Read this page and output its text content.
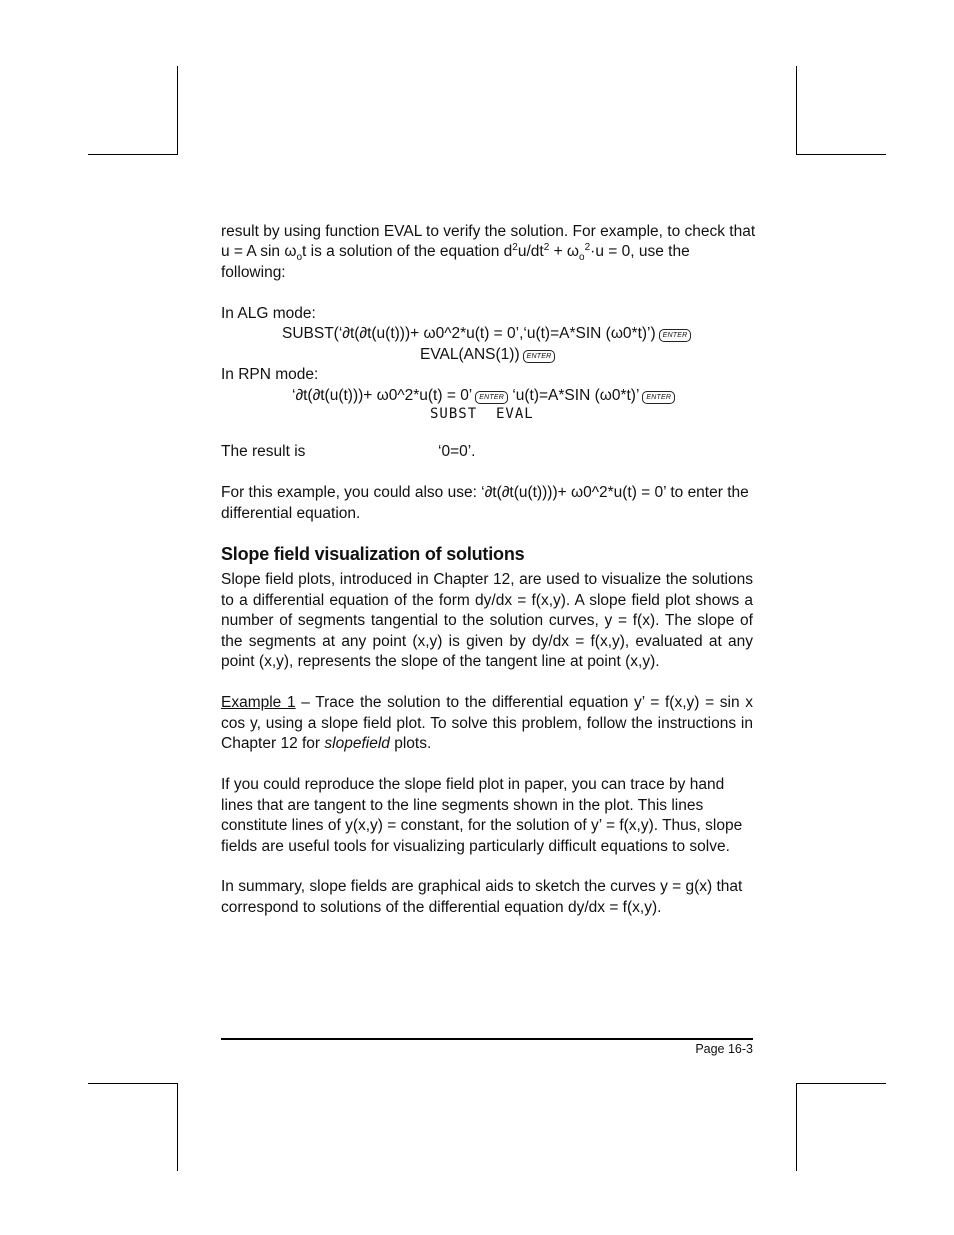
result by using function EVAL to verify the solution. For example, to check that
u = A $\sin \omega_ot$ is a solution of the equation $d^2u/dt^2 + \omega_o^2\cdot u = 0$, use the
following:
In ALG mode:
SUBST(‘∂t(∂t(u(t)))+ ω0^2*u(t) = 0’,‘u(t)=A*SIN (ω0*t)’) ENTER
EVAL(ANS(1)) ENTER
In RPN mode:
‘∂t(∂t(u(t)))+ ω0^2*u(t) = 0’ ENTER ‘u(t)=A*SIN (ω0*t)’ ENTER
SUBST  EVAL
The result is	‘0=0’.
For this example, you could also use: ‘∂t(∂t(u(t))))+ ω0^2*u(t) = 0’ to enter the
differential equation.
Slope field visualization of solutions
Slope field plots, introduced in Chapter 12, are used to visualize the solutions to a differential equation of the form dy/dx = f(x,y). A slope field plot shows a number of segments tangential to the solution curves, y = f(x). The slope of the segments at any point (x,y) is given by dy/dx = f(x,y), evaluated at any point (x,y), represents the slope of the tangent line at point (x,y).
Example 1 – Trace the solution to the differential equation y’ = f(x,y) = sin x cos y, using a slope field plot. To solve this problem, follow the instructions in Chapter 12 for slopefield plots.
If you could reproduce the slope field plot in paper, you can trace by hand lines that are tangent to the line segments shown in the plot. This lines constitute lines of y(x,y) = constant, for the solution of y’ = f(x,y). Thus, slope fields are useful tools for visualizing particularly difficult equations to solve.
In summary, slope fields are graphical aids to sketch the curves y = g(x) that correspond to solutions of the differential equation dy/dx = f(x,y).
Page 16-3
